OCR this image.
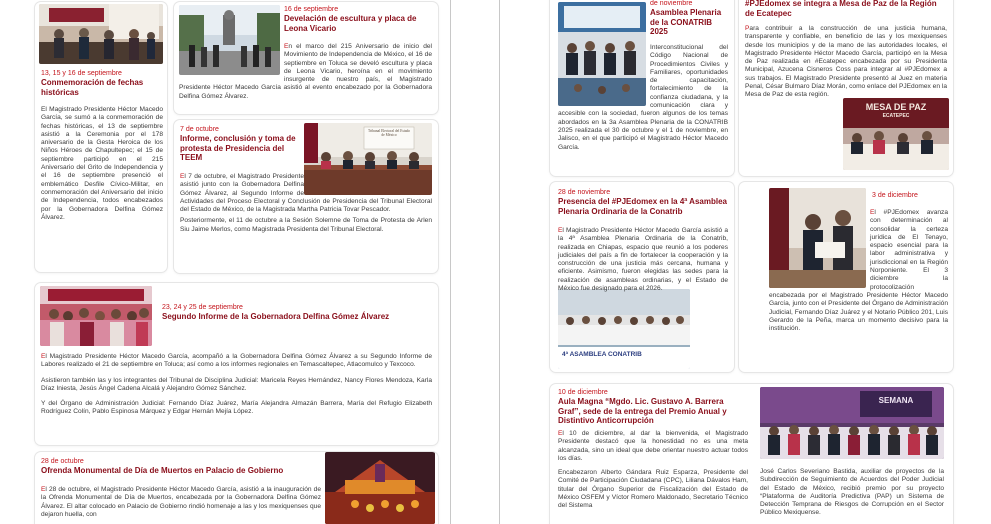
13, 15 y 16 de septiembre
Conmemoración de fechas históricas

El Magistrado Presidente Héctor Macedo García, se sumó a la conmemoración de fechas históricas, el 13 de septiembre asistió a la Ceremonia por el 178 aniversario de la Gesta Heroica de los Niños Héroes de Chapultepec; el 15 de septiembre participó en el 215 Aniversario del Grito de Independencia y el 16 de septiembre presenció el emblemático Desfile Cívico-Militar, en conmemoración del Aniversario del inicio de Independencia, todos encabezados por la Gobernadora Delfina Gómez Álvarez.

16 de septiembre
Develación de escultura y placa de Leona Vicario

En el marco del 215 Aniversario de inicio del Movimiento de Independencia de México, el 16 de septiembre en Toluca se develó escultura y placa de Leona Vicario, heroína en el movimiento insurgente de nuestro país, el Magistrado Presidente Héctor Macedo García asistió al evento encabezado por la Gobernadora Delfina Gómez Álvarez.

Tribunal Electoral del Estado de México
7 de octubre
Informe, conclusión y toma de protesta de Presidencia del TEEM

El 7 de octubre, el Magistrado Presidente asistió junto con la Gobernadora Delfina Gómez Álvarez, al Segundo Informe de Actividades del Proceso Electoral y Conclusión de Presidencia del Tribunal Electoral del Estado de México, de la Magistrada Martha Patricia Tovar Pescador.

Posteriormente, el 11 de octubre a la Sesión Solemne de Toma de Protesta de Arlen Siu Jaime Merlos, como Magistrada Presidenta del Tribunal Electoral.

23, 24 y 25 de septiembre
Segundo Informe de la Gobernadora Delfina Gómez Álvarez

El Magistrado Presidente Héctor Macedo García, acompañó a la Gobernadora Delfina Gómez Álvarez a su Segundo Informe de Labores realizado el 21 de septiembre en Toluca; así como a los informes regionales en Temascaltepec, Atlacomulco y Texcoco.

Asistieron también las y los integrantes del Tribunal de Disciplina Judicial: Maricela Reyes Hernández, Nancy Flores Mendoza, Karla Díaz Iniesta, Jesús Ángel Cadena Alcalá y Alejandro Gómez Sánchez.

Y del Órgano de Administración Judicial: Fernando Díaz Juárez, María Alejandra Almazán Barrera, María del Refugio Elizabeth Rodríguez Colín, Pablo Espinosa Márquez y Edgar Hernán Mejía López.

28 de octubre
Ofrenda Monumental de Día de Muertos en Palacio de Gobierno

El 28 de octubre, el Magistrado Presidente Héctor Macedo García, asistió a la inauguración de la Ofrenda Monumental de Día de Muertos, encabezada por la Gobernadora Delfina Gómez Álvarez. El altar colocado en Palacio de Gobierno rindió homenaje a las y los mexiquenses que dejaron huella, con

de noviembre
Asamblea Plenaria de la CONATRIB 2025

Interconstitucional del Código Nacional de Procedimientos Civiles y Familiares, oportunidades de capacitación, fortalecimiento de la confianza ciudadana, y la comunicación clara y accesible con la sociedad, fueron algunos de los temas abordados en la 3a Asamblea Plenaria de la CONATRIB 2025 realizada el 30 de octubre y el 1 de noviembre, en Jalisco, en el que participó el Magistrado Héctor Macedo García.

#PJEdomex se integra a Mesa de Paz de la Región de Ecatepec
MESA DE PAZ
ECATEPEC

Para contribuir a la construcción de una justicia humana, transparente y confiable, en beneficio de las y los mexiquenses desde los municipios y de la mano de las autoridades locales, el Magistrado Presidente Héctor Macedo García, participó en la Mesa de Paz realizada en #Ecatepec encabezada por su Presidenta Municipal, Azucena Cisneros Coss para integrar al #PJEdomex a sus trabajos. El Magistrado Presidente presentó al Juez en materia Penal, César Bulmaro Díaz Morán, como enlace del PJEdomex en la Mesa de Paz de esta región.

28 de noviembre
Presencia del #PJEdomex en la 4ª Asamblea Plenaria Ordinaria de la Conatrib
4ª ASAMBLEA CONATRIB

El Magistrado Presidente Héctor Macedo García asistió a la 4ª Asamblea Plenaria Ordinaria de la Conatrib, realizada en Chiapas, espacio que reunió a los poderes judiciales del país a fin de fortalecer la cooperación y la construcción de una justicia más cercana, humana y eficiente. Asimismo, fueron elegidas las sedes para la realización de asambleas ordinarias, y el Estado de México fue designado para el 2026.

3 de diciembre

El #PJEdomex avanza con determinación al consolidar la certeza jurídica de El Tenayo, espacio esencial para la labor administrativa y jurisdiccional en la Región Norponiente. El 3 diciembre la protocolización encabezada por el Magistrado Presidente Héctor Macedo García, junto con el Presidente del Órgano de Administración Judicial, Fernando Díaz Juárez y el Notario Público 201, Luis Gerardo de la Peña, marca un momento decisivo para la institución.

10 de diciembre
Aula Magna “Mgdo. Lic. Gustavo A. Barrera Graf”, sede de la entrega del Premio Anual y Distintivo Anticorrupción

El 10 de diciembre, al dar la bienvenida, el Magistrado Presidente destacó que la honestidad no es una meta alcanzada, sino un ideal que debe orientar nuestro actuar todos los días.

Encabezaron Alberto Gándara Ruiz Esparza, Presidente del Comité de Participación Ciudadana (CPC), Liliana Dávalos Ham, titular del Órgano Superior de Fiscalización del Estado de México OSFEM y Víctor Romero Maldonado, Secretario Técnico del Sistema

SEMANA

José Carlos Severiano Bastida, auxiliar de proyectos de la Subdirección de Seguimiento de Acuerdos del Poder Judicial del Estado de México, recibió premio por su proyecto “Plataforma de Auditoría Predictiva (PAP) un Sistema de Detección Temprana de Riesgos de Corrupción en el Sector Público Mexiquense.
